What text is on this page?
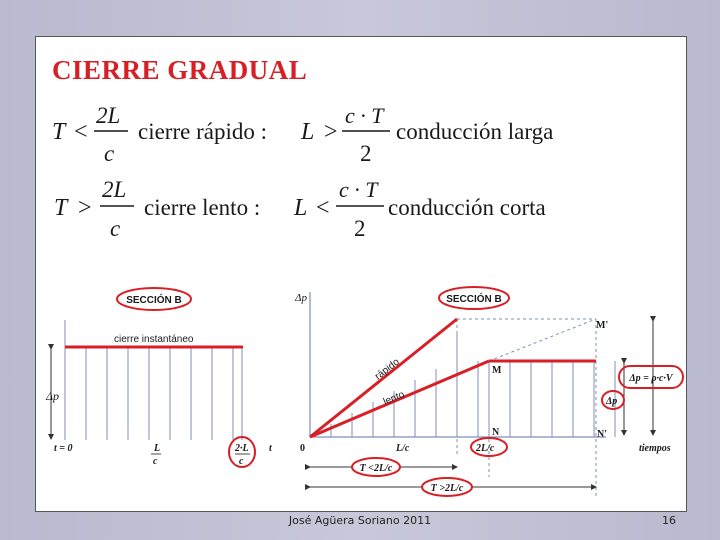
CIERRE GRADUAL
T <
2L
c
cierre rápido : L >
c · T
2
conducción larga
T >
2L
c
cierre lento : L <
c · T
2
conducción corta
Δp
cierre instantáneo
SECCIÓN B
t = 0	L
c
2·L
c
t
Δp
rápido
lento
SECCIÓN B
M'
M
N	N'
Δp = ρ·c·V
Δp
0	L/c	2L/c	tiempos
T <2L/c
T >2L/c
José Agüera Soriano 2011	16
